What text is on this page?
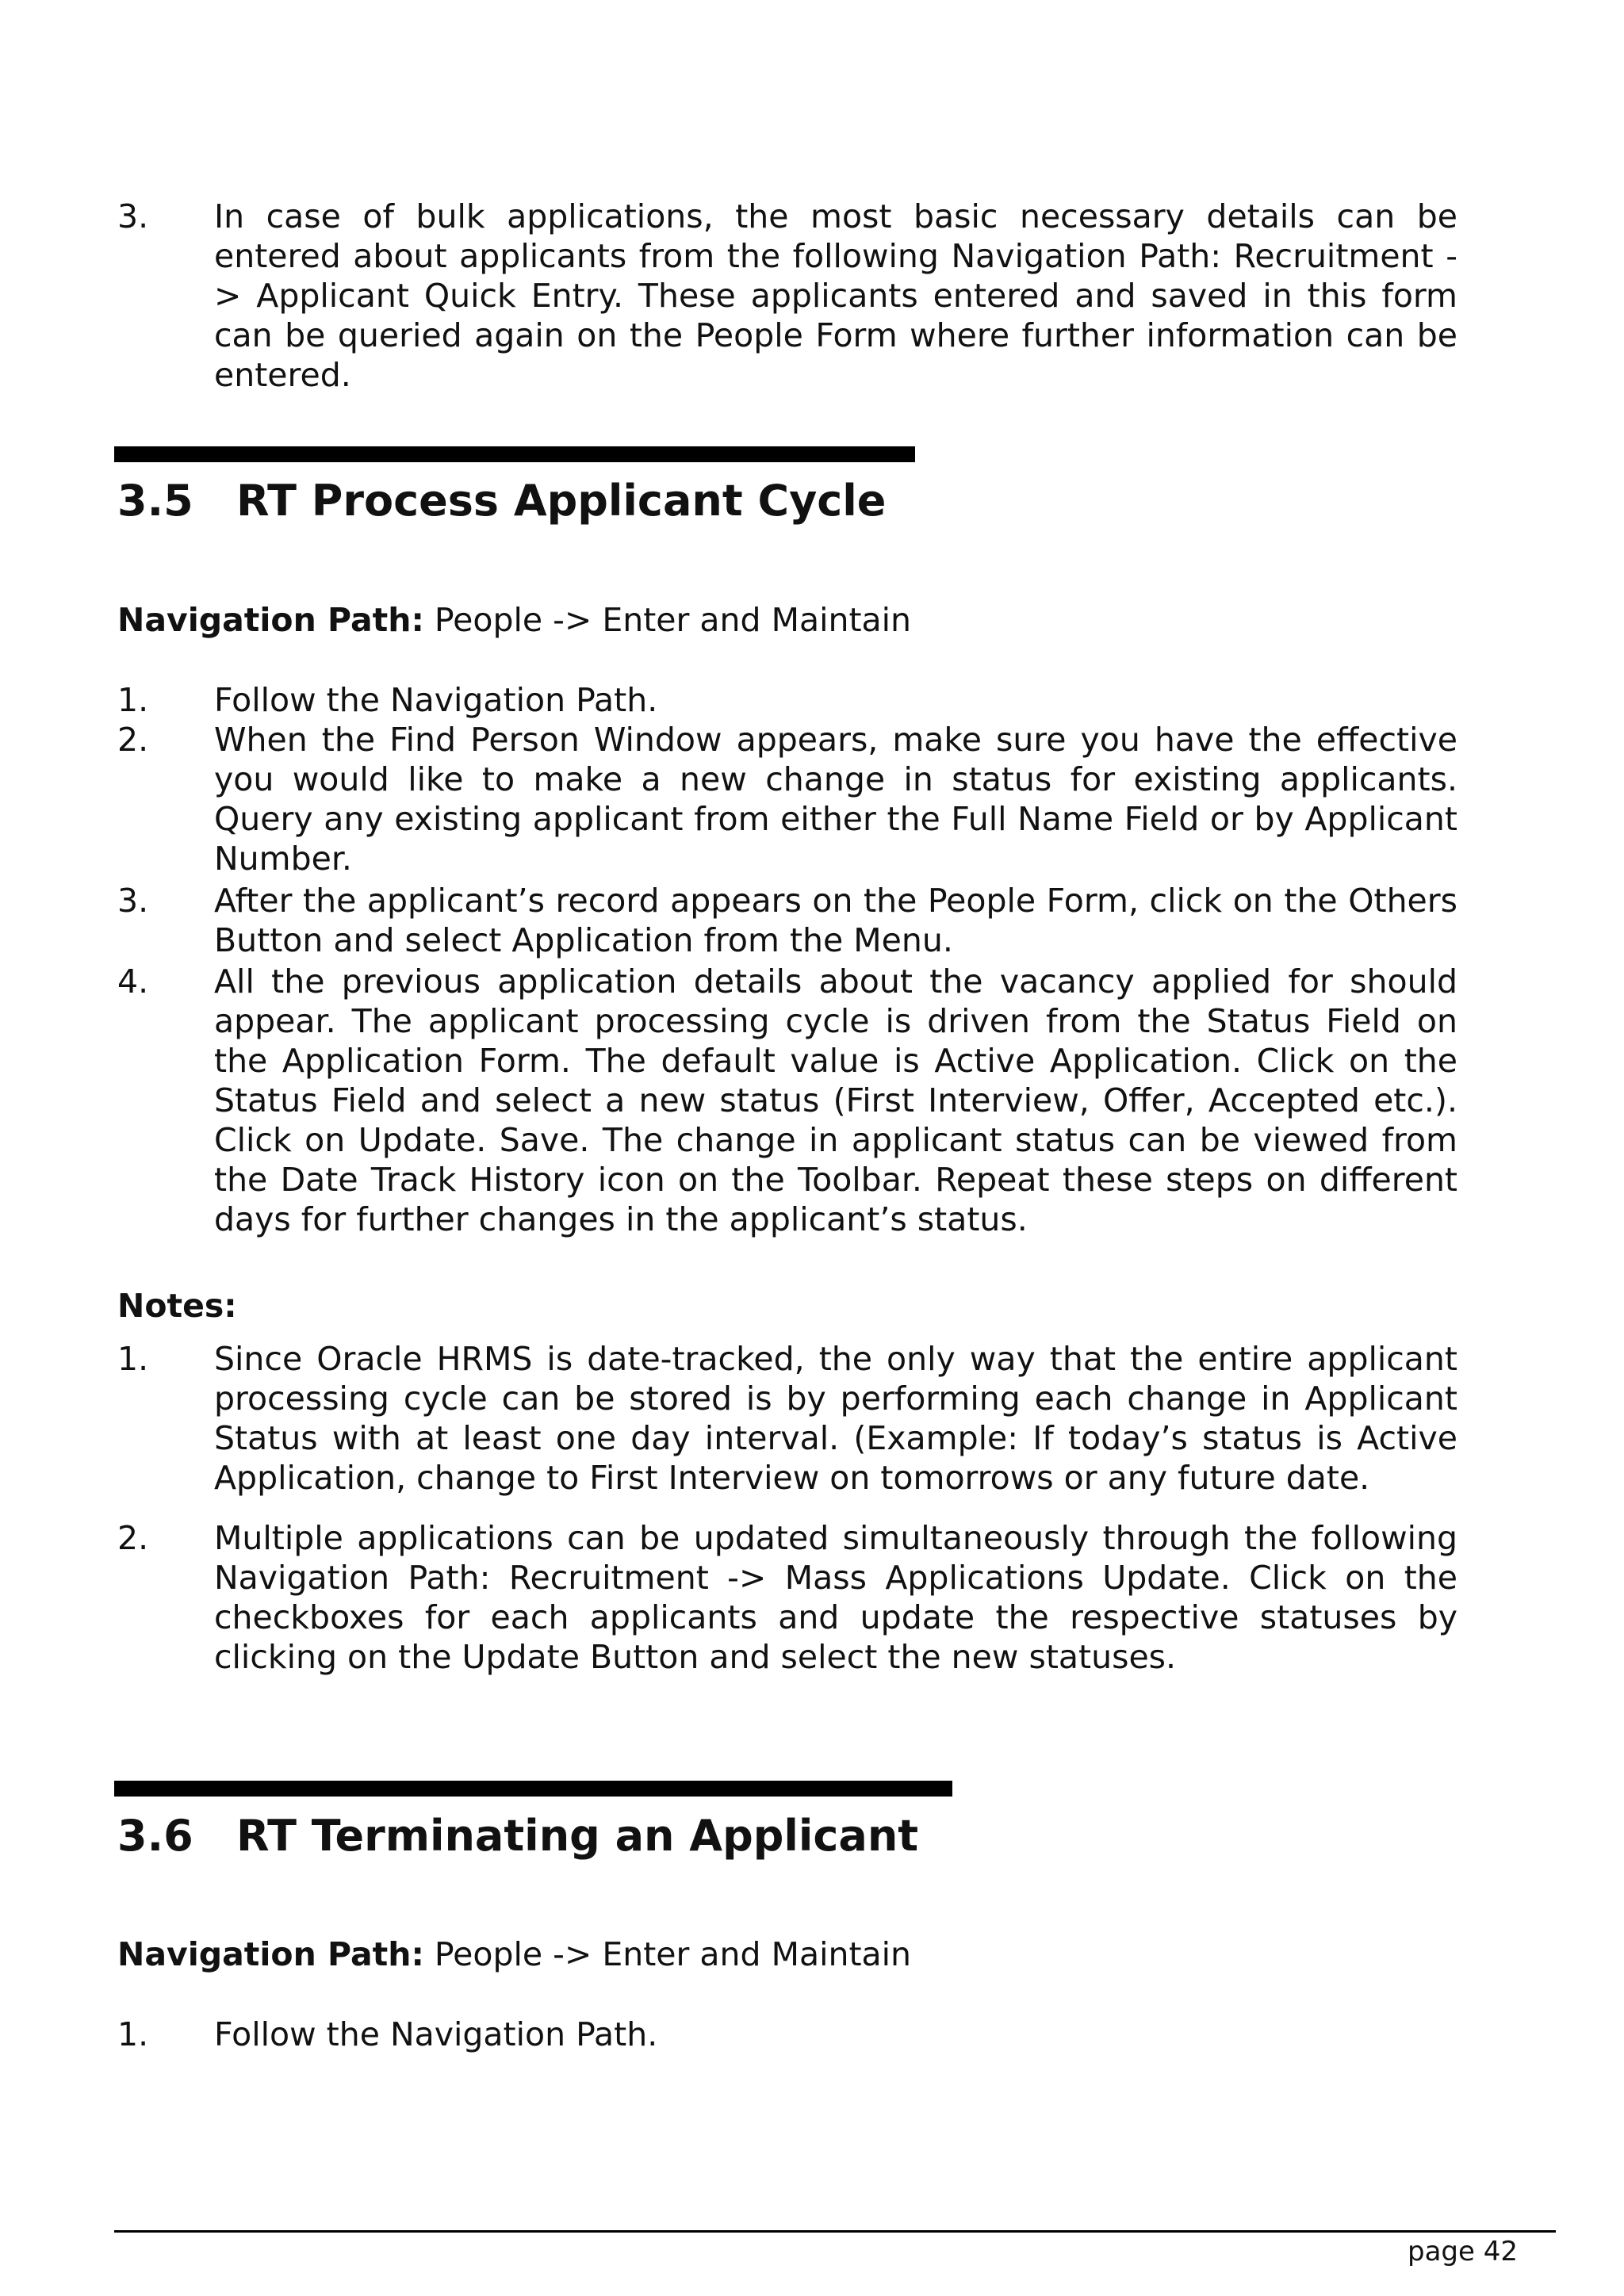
3. In case of bulk applications, the most basic necessary details can be entered about applicants from the following Navigation Path: Recruitment -> Applicant Quick Entry. These applicants entered and saved in this form can be queried again on the People Form where further information can be entered.
3.5 RT Process Applicant Cycle
Navigation Path: People -> Enter and Maintain
1. Follow the Navigation Path.
2. When the Find Person Window appears, make sure you have the effective you would like to make a new change in status for existing applicants. Query any existing applicant from either the Full Name Field or by Applicant Number.
3. After the applicant’s record appears on the People Form, click on the Others Button and select Application from the Menu.
4. All the previous application details about the vacancy applied for should appear. The applicant processing cycle is driven from the Status Field on the Application Form. The default value is Active Application. Click on the Status Field and select a new status (First Interview, Offer, Accepted etc.). Click on Update. Save. The change in applicant status can be viewed from the Date Track History icon on the Toolbar. Repeat these steps on different days for further changes in the applicant’s status.
Notes:
1. Since Oracle HRMS is date-tracked, the only way that the entire applicant processing cycle can be stored is by performing each change in Applicant Status with at least one day interval. (Example: If today’s status is Active Application, change to First Interview on tomorrows or any future date.
2. Multiple applications can be updated simultaneously through the following Navigation Path: Recruitment -> Mass Applications Update. Click on the checkboxes for each applicants and update the respective statuses by clicking on the Update Button and select the new statuses.
3.6 RT Terminating an Applicant
Navigation Path: People -> Enter and Maintain
1. Follow the Navigation Path.
page 42
